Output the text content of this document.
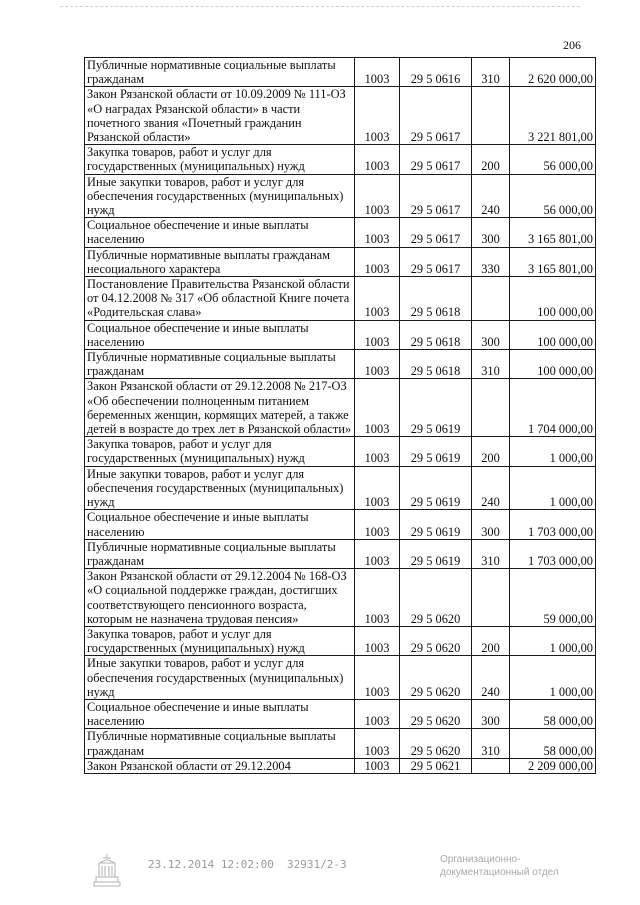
206
Публичные нормативные социальные выплаты гражданам	1003	29 5 0616	310	2 620 000,00
Закон Рязанской области от 10.09.2009 № 111-ОЗ «О наградах Рязанской области» в части почетного звания «Почетный гражданин Рязанской области»	1003	29 5 0617		3 221 801,00
Закупка товаров, работ и услуг для государственных (муниципальных) нужд	1003	29 5 0617	200	56 000,00
Иные закупки товаров, работ и услуг для обеспечения государственных (муниципальных) нужд	1003	29 5 0617	240	56 000,00
Социальное обеспечение и иные выплаты населению	1003	29 5 0617	300	3 165 801,00
Публичные нормативные выплаты гражданам несоциального характера	1003	29 5 0617	330	3 165 801,00
Постановление Правительства Рязанской области от 04.12.2008 № 317 «Об областной Книге почета «Родительская слава»	1003	29 5 0618		100 000,00
Социальное обеспечение и иные выплаты населению	1003	29 5 0618	300	100 000,00
Публичные нормативные социальные выплаты гражданам	1003	29 5 0618	310	100 000,00
Закон Рязанской области от 29.12.2008 № 217-ОЗ «Об обеспечении полноценным питанием беременных женщин, кормящих матерей, а также детей в возрасте до трех лет в Рязанской области»	1003	29 5 0619		1 704 000,00
Закупка товаров, работ и услуг для государственных (муниципальных) нужд	1003	29 5 0619	200	1 000,00
Иные закупки товаров, работ и услуг для обеспечения государственных (муниципальных) нужд	1003	29 5 0619	240	1 000,00
Социальное обеспечение и иные выплаты населению	1003	29 5 0619	300	1 703 000,00
Публичные нормативные социальные выплаты гражданам	1003	29 5 0619	310	1 703 000,00
Закон Рязанской области от 29.12.2004 № 168-ОЗ «О социальной поддержке граждан, достигших соответствующего пенсионного возраста, которым не назначена трудовая пенсия»	1003	29 5 0620		59 000,00
Закупка товаров, работ и услуг для государственных (муниципальных) нужд	1003	29 5 0620	200	1 000,00
Иные закупки товаров, работ и услуг для обеспечения государственных (муниципальных) нужд	1003	29 5 0620	240	1 000,00
Социальное обеспечение и иные выплаты населению	1003	29 5 0620	300	58 000,00
Публичные нормативные социальные выплаты гражданам	1003	29 5 0620	310	58 000,00
Закон Рязанской области от 29.12.2004	1003	29 5 0621		2 209 000,00
23.12.2014 12:02:00 32931/2-3	Организационно-
документационный отдел
